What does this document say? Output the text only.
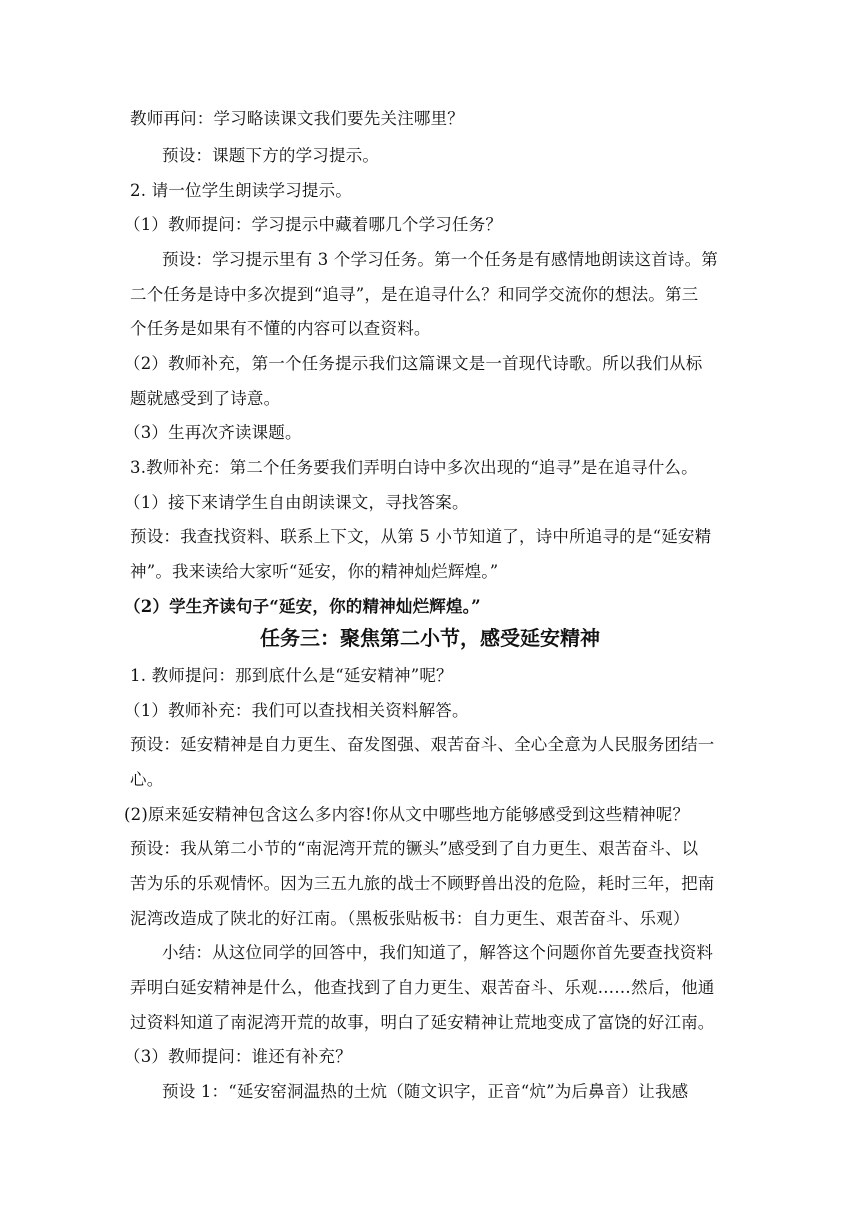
教师再问：学习略读课文我们要先关注哪里？
预设：课题下方的学习提示。
2. 请一位学生朗读学习提示。
（1）教师提问：学习提示中藏着哪几个学习任务？
预设：学习提示里有 3 个学习任务。第一个任务是有感情地朗读这首诗。第
二个任务是诗中多次提到“追寻”，是在追寻什么？和同学交流你的想法。第三
个任务是如果有不懂的内容可以查资料。
（2）教师补充，第一个任务提示我们这篇课文是一首现代诗歌。所以我们从标
题就感受到了诗意。
（3）生再次齐读课题。
3.教师补充：第二个任务要我们弄明白诗中多次出现的“追寻”是在追寻什么。
（1）接下来请学生自由朗读课文，寻找答案。
预设：我查找资料、联系上下文，从第 5 小节知道了，诗中所追寻的是“延安精
神”。我来读给大家听“延安，你的精神灿烂辉煌。”
（2）学生齐读句子“延安，你的精神灿烂辉煌。”
任务三：聚焦第二小节，感受延安精神
1. 教师提问：那到底什么是“延安精神”呢？
（1）教师补充：我们可以查找相关资料解答。
预设：延安精神是自力更生、奋发图强、艰苦奋斗、全心全意为人民服务团结一
心。
(2)原来延安精神包含这么多内容!你从文中哪些地方能够感受到这些精神呢？
预设：我从第二小节的“南泥湾开荒的镢头”感受到了自力更生、艰苦奋斗、以
苦为乐的乐观情怀。因为三五九旅的战士不顾野兽出没的危险，耗时三年，把南
泥湾改造成了陕北的好江南。（黑板张贴板书：自力更生、艰苦奋斗、乐观）
小结：从这位同学的回答中，我们知道了，解答这个问题你首先要查找资料
弄明白延安精神是什么，他查找到了自力更生、艰苦奋斗、乐观……然后，他通
过资料知道了南泥湾开荒的故事，明白了延安精神让荒地变成了富饶的好江南。
（3）教师提问：谁还有补充？
预设 1：“延安窑洞温热的土炕（随文识字，正音“炕”为后鼻音）让我感
